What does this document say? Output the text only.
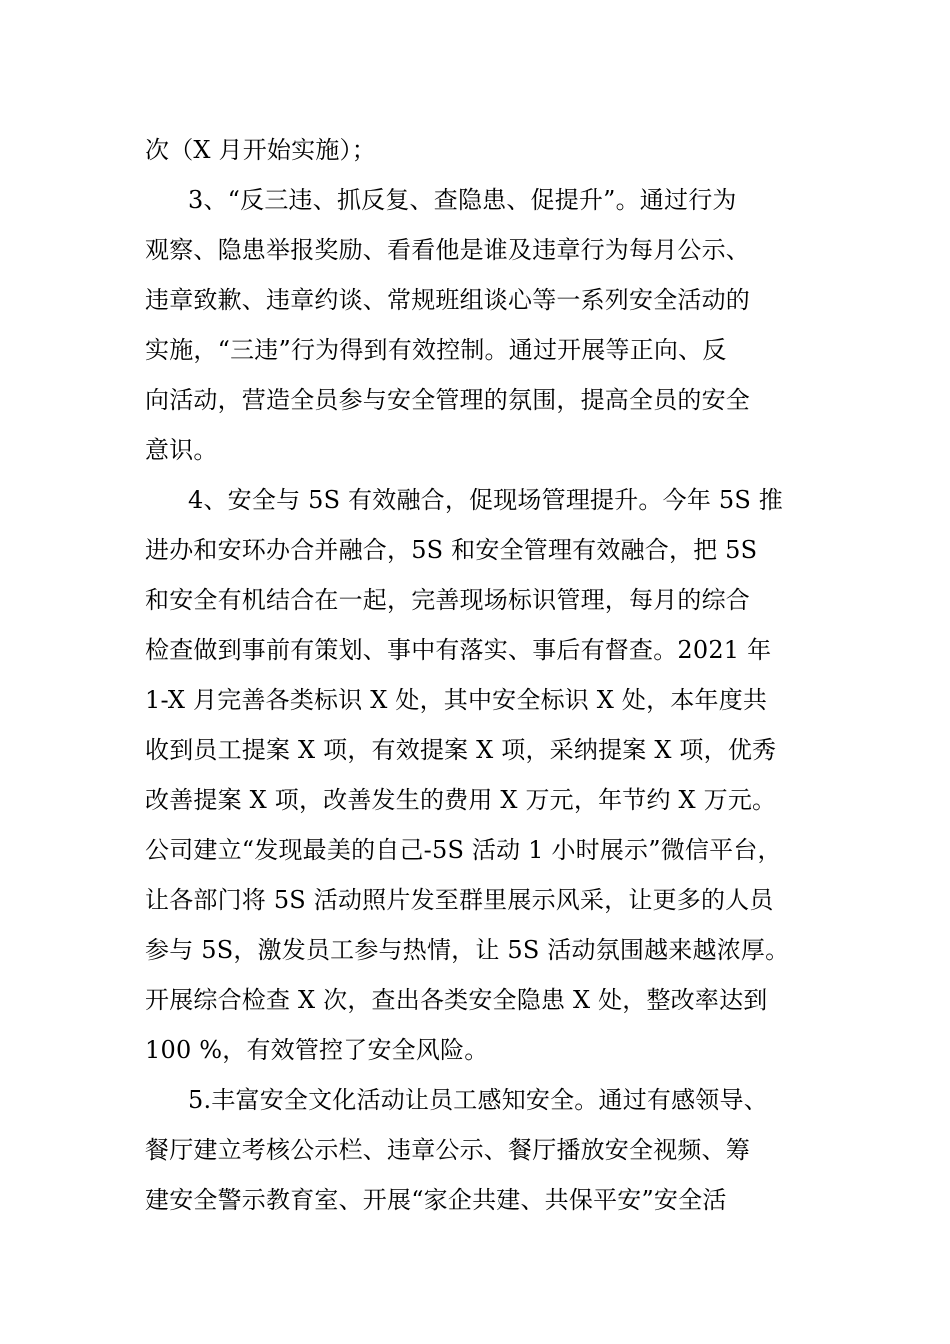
次（X 月开始实施）；
3、“反三违、抓反复、查隐患、促提升”。通过行为
观察、隐患举报奖励、看看他是谁及违章行为每月公示、
违章致歉、违章约谈、常规班组谈心等一系列安全活动的
实施，“三违”行为得到有效控制。通过开展等正向、反
向活动，营造全员参与安全管理的氛围，提高全员的安全
意识。
4、安全与 5S 有效融合，促现场管理提升。今年 5S 推
进办和安环办合并融合，5S 和安全管理有效融合，把 5S
和安全有机结合在一起，完善现场标识管理，每月的综合
检查做到事前有策划、事中有落实、事后有督查。2021 年
1-X 月完善各类标识 X 处，其中安全标识 X 处，本年度共
收到员工提案 X 项，有效提案 X 项，采纳提案 X 项，优秀
改善提案 X 项，改善发生的费用 X 万元，年节约 X 万元。
公司建立“发现最美的自己-5S 活动 1 小时展示”微信平台，
让各部门将 5S 活动照片发至群里展示风采，让更多的人员
参与 5S，激发员工参与热情，让 5S 活动氛围越来越浓厚。
开展综合检查 X 次，查出各类安全隐患 X 处，整改率达到
100 %，有效管控了安全风险。
5.丰富安全文化活动让员工感知安全。通过有感领导、
餐厅建立考核公示栏、违章公示、餐厅播放安全视频、筹
建安全警示教育室、开展“家企共建、共保平安”安全活
